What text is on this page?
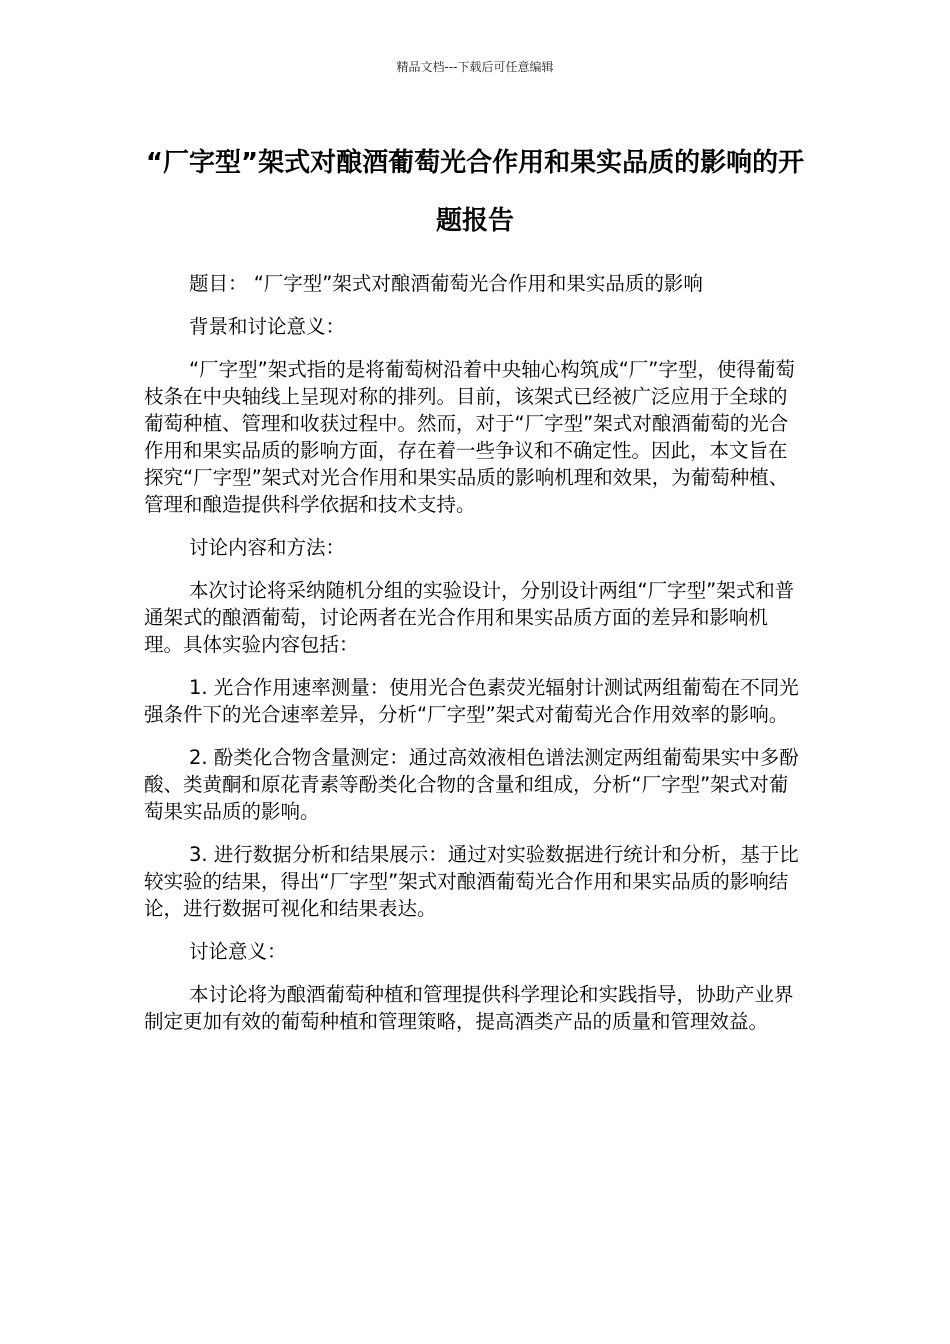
精品文档---下载后可任意编辑
“厂字型”架式对酿酒葡萄光合作用和果实品质的影响的开题报告
题目： “厂字型”架式对酿酒葡萄光合作用和果实品质的影响
背景和讨论意义：

“厂字型”架式指的是将葡萄树沿着中央轴心构筑成“厂”字型，使得葡萄枝条在中央轴线上呈现对称的排列。目前，该架式已经被广泛应用于全球的葡萄种植、管理和收获过程中。然而，对于“厂字型”架式对酿酒葡萄的光合作用和果实品质的影响方面，存在着一些争议和不确定性。因此，本文旨在探究“厂字型”架式对光合作用和果实品质的影响机理和效果，为葡萄种植、管理和酿造提供科学依据和技术支持。

讨论内容和方法：

本次讨论将采纳随机分组的实验设计，分别设计两组“厂字型”架式和普通架式的酿酒葡萄，讨论两者在光合作用和果实品质方面的差异和影响机理。具体实验内容包括：

1. 光合作用速率测量：使用光合色素荧光辐射计测试两组葡萄在不同光强条件下的光合速率差异，分析“厂字型”架式对葡萄光合作用效率的影响。

2. 酚类化合物含量测定：通过高效液相色谱法测定两组葡萄果实中多酚酸、类黄酮和原花青素等酚类化合物的含量和组成，分析“厂字型”架式对葡萄果实品质的影响。

3. 进行数据分析和结果展示：通过对实验数据进行统计和分析，基于比较实验的结果，得出“厂字型”架式对酿酒葡萄光合作用和果实品质的影响结论，进行数据可视化和结果表达。

讨论意义：

本讨论将为酿酒葡萄种植和管理提供科学理论和实践指导，协助产业界制定更加有效的葡萄种植和管理策略，提高酒类产品的质量和管理效益。
